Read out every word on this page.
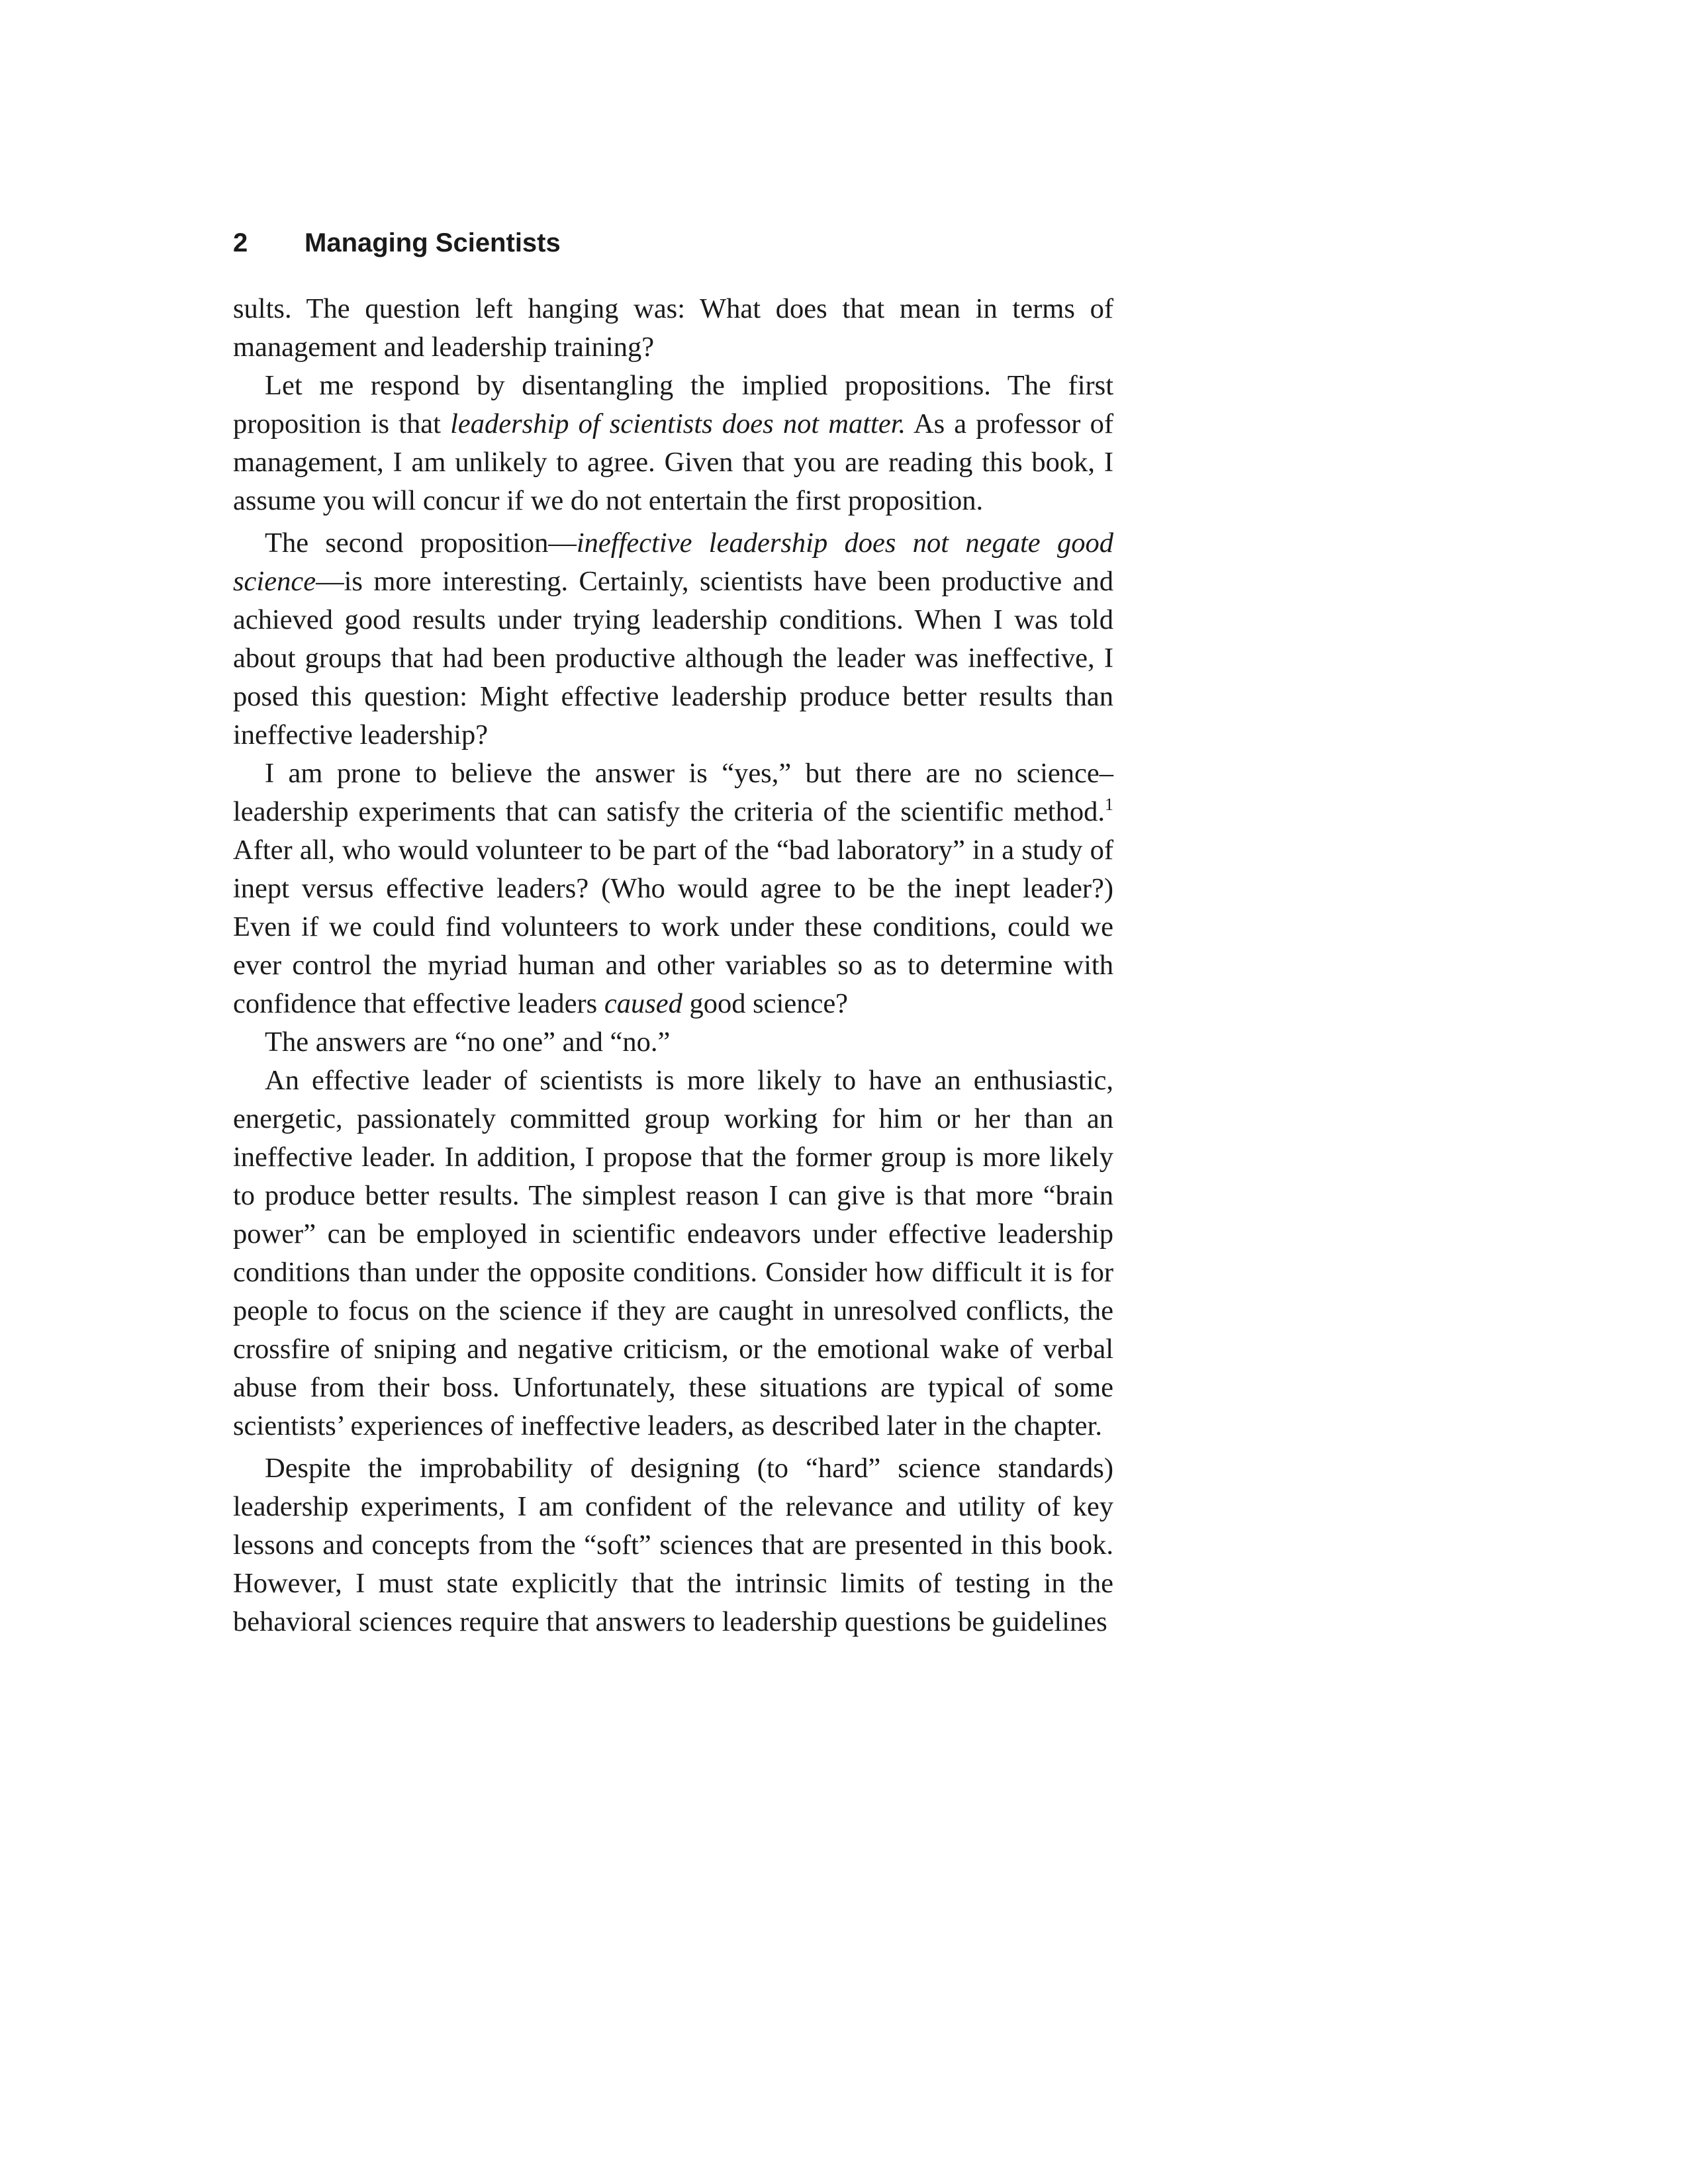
2 Managing Scientists

sults. The question left hanging was: What does that mean in terms of management and leadership training?

Let me respond by disentangling the implied propositions. The first proposition is that leadership of scientists does not matter. As a professor of management, I am unlikely to agree. Given that you are reading this book, I assume you will concur if we do not entertain the first proposition.

The second proposition—ineffective leadership does not negate good science—is more interesting. Certainly, scientists have been productive and achieved good results under trying leadership conditions. When I was told about groups that had been productive although the leader was ineffective, I posed this question: Might effective leadership produce better results than ineffective leadership?

I am prone to believe the answer is “yes,” but there are no science–leadership experiments that can satisfy the criteria of the scientific method.$^1$ After all, who would volunteer to be part of the “bad laboratory” in a study of inept versus effective leaders? (Who would agree to be the inept leader?) Even if we could find volunteers to work under these conditions, could we ever control the myriad human and other variables so as to determine with confidence that effective leaders caused good science?

The answers are “no one” and “no.”

An effective leader of scientists is more likely to have an enthusiastic, energetic, passionately committed group working for him or her than an ineffective leader. In addition, I propose that the former group is more likely to produce better results. The simplest reason I can give is that more “brain power” can be employed in scientific endeavors under effective leadership conditions than under the opposite conditions. Consider how difficult it is for people to focus on the science if they are caught in unresolved conflicts, the crossfire of sniping and negative criticism, or the emotional wake of verbal abuse from their boss. Unfortunately, these situations are typical of some scientists’ experiences of ineffective leaders, as described later in the chapter.

Despite the improbability of designing (to “hard” science standards) leadership experiments, I am confident of the relevance and utility of key lessons and concepts from the “soft” sciences that are presented in this book. However, I must state explicitly that the intrinsic limits of testing in the behavioral sciences require that answers to leadership questions be guidelines
